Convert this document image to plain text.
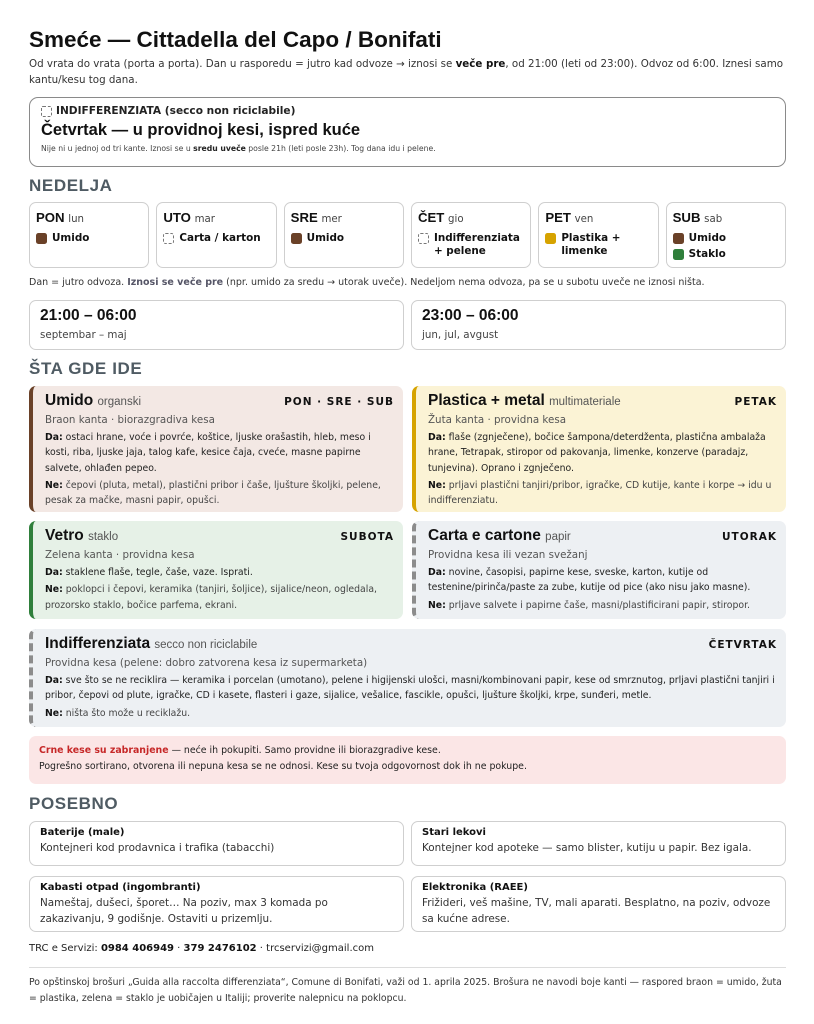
Smeće — Cittadella del Capo / Bonifati

Od vrata do vrata (porta a porta). Dan u rasporedu = jutro kad odvoze → iznosi se veče pre, od 21:00 (leti od 23:00). Odvoz od 6:00. Iznesi samo kantu/kesu tog dana.

INDIFFERENZIATA (secco non riciclabile)
Četvrtak — u providnoj kesi, ispred kuće
Nije ni u jednoj od tri kante. Iznosi se u sredu uveče posle 21h (leti posle 23h). Tog dana idu i pelene.
NEDELJA
PON lun
Umido
UTO mar
Carta / karton
SRE mer
Umido
ČET gio
Indifferenziata + pelene
PET ven
Plastika + limenke
SUB sab
Umido
Staklo

Dan = jutro odvoza. Iznosi se veče pre (npr. umido za sredu → utorak uveče). Nedeljom nema odvoza, pa se u subotu uveče ne iznosi ništa.

21:00 – 06:00
septembar – maj
23:00 – 06:00
jun, jul, avgust
ŠTA GDE IDE
Umido organski	PON · SRE · SUB
Braon kanta · biorazgradiva kesa

Da: ostaci hrane, voće i povrće, koštice, ljuske orašastih, hleb, meso i kosti, riba, ljuske jaja, talog kafe, kesice čaja, cveće, masne papirne salvete, ohlađen pepeo.

Ne: čepovi (pluta, metal), plastični pribor i čaše, ljušture školjki, pelene, pesak za mačke, masni papir, opušci.

Plastica + metal multimateriale	PETAK
Žuta kanta · providna kesa

Da: flaše (zgnječene), bočice šampona/deterdženta, plastična ambalaža hrane, Tetrapak, stiropor od pakovanja, limenke, konzerve (paradajz, tunjevina). Oprano i zgnječeno.

Ne: prljavi plastični tanjiri/pribor, igračke, CD kutije, kante i korpe → idu u indifferenziatu.

Vetro staklo	SUBOTA
Zelena kanta · providna kesa

Da: staklene flaše, tegle, čaše, vaze. Isprati.

Ne: poklopci i čepovi, keramika (tanjiri, šoljice), sijalice/neon, ogledala, prozorsko staklo, bočice parfema, ekrani.

Carta e cartone papir	UTORAK
Providna kesa ili vezan svežanj

Da: novine, časopisi, papirne kese, sveske, karton, kutije od testenine/pirinča/paste za zube, kutije od pice (ako nisu jako masne).

Ne: prljave salvete i papirne čaše, masni/plastificirani papir, stiropor.

Indifferenziata secco non riciclabile	ČETVRTAK
Providna kesa (pelene: dobro zatvorena kesa iz supermarketa)

Da: sve što se ne reciklira — keramika i porcelan (umotano), pelene i higijenski ulošci, masni/kombinovani papir, kese od smrznutog, prljavi plastični tanjiri i pribor, čepovi od plute, igračke, CD i kasete, flasteri i gaze, sijalice, vešalice, fascikle, opušci, ljušture školjki, krpe, sunđeri, metle.

Ne: ništa što može u reciklažu.

Crne kese su zabranjene — neće ih pokupiti. Samo providne ili biorazgradive kese.
Pogrešno sortirano, otvorena ili nepuna kesa se ne odnosi. Kese su tvoja odgovornost dok ih ne pokupe.
POSEBNO
Baterije (male)
Kontejneri kod prodavnica i trafika (tabacchi)
Stari lekovi
Kontejner kod apoteke — samo blister, kutiju u papir. Bez igala.
Kabasti otpad (ingombranti)
Nameštaj, dušeci, šporet… Na poziv, max 3 komada po zakazivanju, 9 godišnje. Ostaviti u prizemlju.
Elektronika (RAEE)
Frižideri, veš mašine, TV, mali aparati. Besplatno, na poziv, odvoze sa kućne adrese.

TRC e Servizi: 0984 406949 · 379 2476102 · trcservizi@gmail.com

Po opštinskoj brošuri „Guida alla raccolta differenziata“, Comune di Bonifati, važi od 1. aprila 2025. Brošura ne navodi boje kanti — raspored braon = umido, žuta = plastika, zelena = staklo je uobičajen u Italiji; proverite nalepnicu na poklopcu.
